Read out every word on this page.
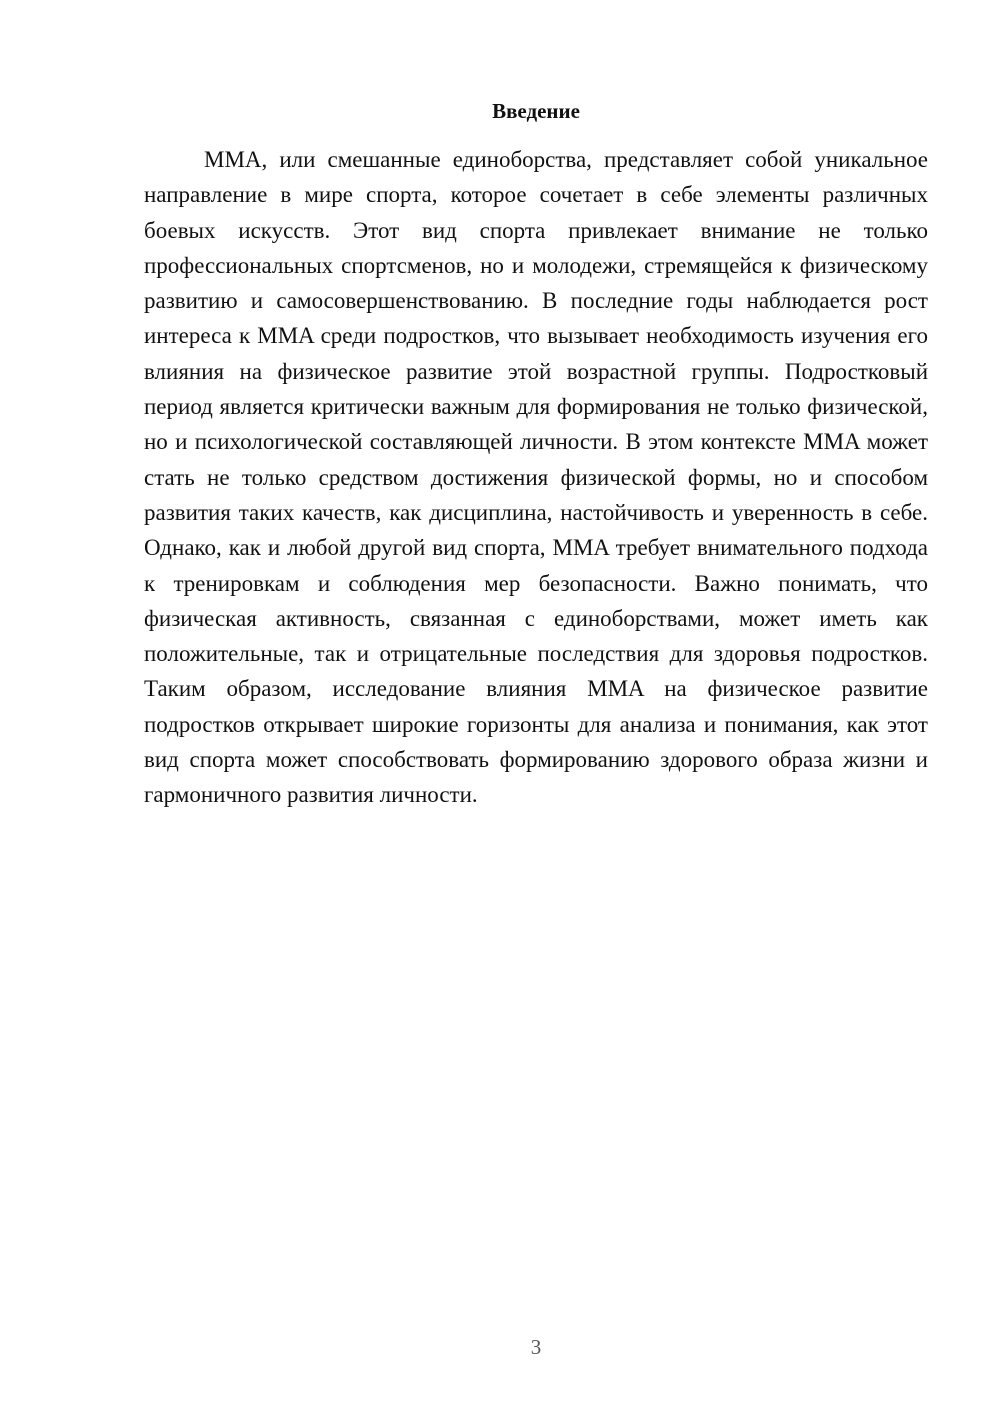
Введение

MMA, или смешанные единоборства, представляет собой уникальное направление в мире спорта, которое сочетает в себе элементы различных боевых искусств. Этот вид спорта привлекает внимание не только профессиональных спортсменов, но и молодежи, стремящейся к физическому развитию и самосовершенствованию. В последние годы наблюдается рост интереса к MMA среди подростков, что вызывает необходимость изучения его влияния на физическое развитие этой возрастной группы. Подростковый период является критически важным для формирования не только физической, но и психологической составляющей личности. В этом контексте MMA может стать не только средством достижения физической формы, но и способом развития таких качеств, как дисциплина, настойчивость и уверенность в себе. Однако, как и любой другой вид спорта, MMA требует внимательного подхода к тренировкам и соблюдения мер безопасности. Важно понимать, что физическая активность, связанная с единоборствами, может иметь как положительные, так и отрицательные последствия для здоровья подростков. Таким образом, исследование влияния MMA на физическое развитие подростков открывает широкие горизонты для анализа и понимания, как этот вид спорта может способствовать формированию здорового образа жизни и гармоничного развития личности.

3
